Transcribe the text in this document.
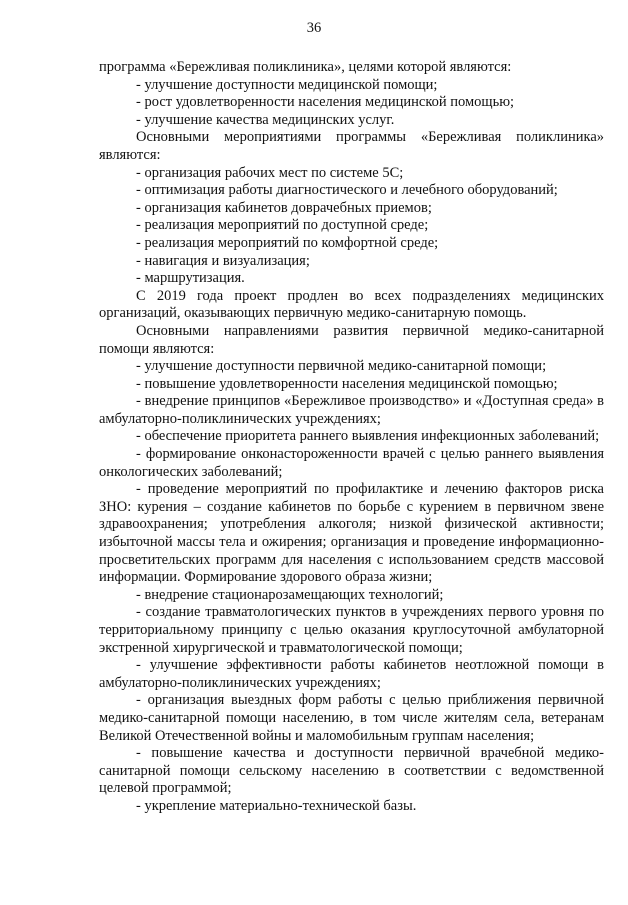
36

программа «Бережливая поликлиника», целями которой являются:

- улучшение доступности медицинской помощи;

- рост удовлетворенности населения медицинской помощью;

- улучшение качества медицинских услуг.

Основными мероприятиями программы «Бережливая поликлиника» являются:

- организация рабочих мест по системе 5С;

- оптимизация работы диагностического и лечебного оборудований;

- организация кабинетов доврачебных приемов;

- реализация мероприятий по доступной среде;

- реализация мероприятий по комфортной среде;

- навигация и визуализация;

- маршрутизация.

С 2019 года проект продлен во всех подразделениях медицинских организаций, оказывающих первичную медико-санитарную помощь.

Основными направлениями развития первичной медико-санитарной помощи являются:

- улучшение доступности первичной медико-санитарной помощи;

- повышение удовлетворенности населения медицинской помощью;

- внедрение принципов «Бережливое производство» и «Доступная среда» в амбулаторно-поликлинических учреждениях;

- обеспечение приоритета раннего выявления инфекционных заболеваний;

- формирование онконастороженности врачей с целью раннего выявления онкологических заболеваний;

- проведение мероприятий по профилактике и лечению факторов риска ЗНО: курения – создание кабинетов по борьбе с курением в первичном звене здравоохранения; употребления алкоголя; низкой физической активности; избыточной массы тела и ожирения; организация и проведение информационно-просветительских программ для населения с использованием средств массовой информации. Формирование здорового образа жизни;

- внедрение стационарозамещающих технологий;

- создание травматологических пунктов в учреждениях первого уровня по территориальному принципу с целью оказания круглосуточной амбулаторной экстренной хирургической и травматологической помощи;

- улучшение эффективности работы кабинетов неотложной помощи в амбулаторно-поликлинических учреждениях;

- организация выездных форм работы с целью приближения первичной медико-санитарной помощи населению, в том числе жителям села, ветеранам Великой Отечественной войны и маломобильным группам населения;

- повышение качества и доступности первичной врачебной медико-санитарной помощи сельскому населению в соответствии с ведомственной целевой программой;

- укрепление материально-технической базы.
